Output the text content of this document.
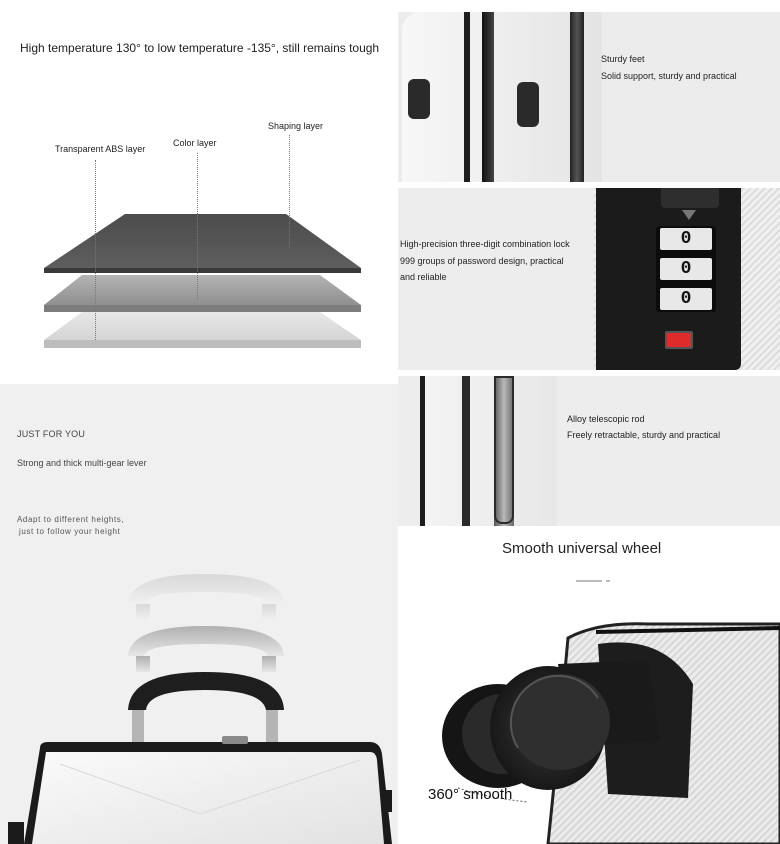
High temperature 130° to low temperature -135°, still remains tough
Transparent ABS layer
Color layer
Shaping layer
Sturdy feet
Solid support, sturdy and practical
High-precision three-digit combination lock
999 groups of password design, practical
and reliable
0
0
0
Alloy telescopic rod
Freely retractable, sturdy and practical
Smooth universal wheel
360° smooth
JUST FOR YOU
Strong and thick multi-gear lever
Adapt to different heights,
just to follow your height
